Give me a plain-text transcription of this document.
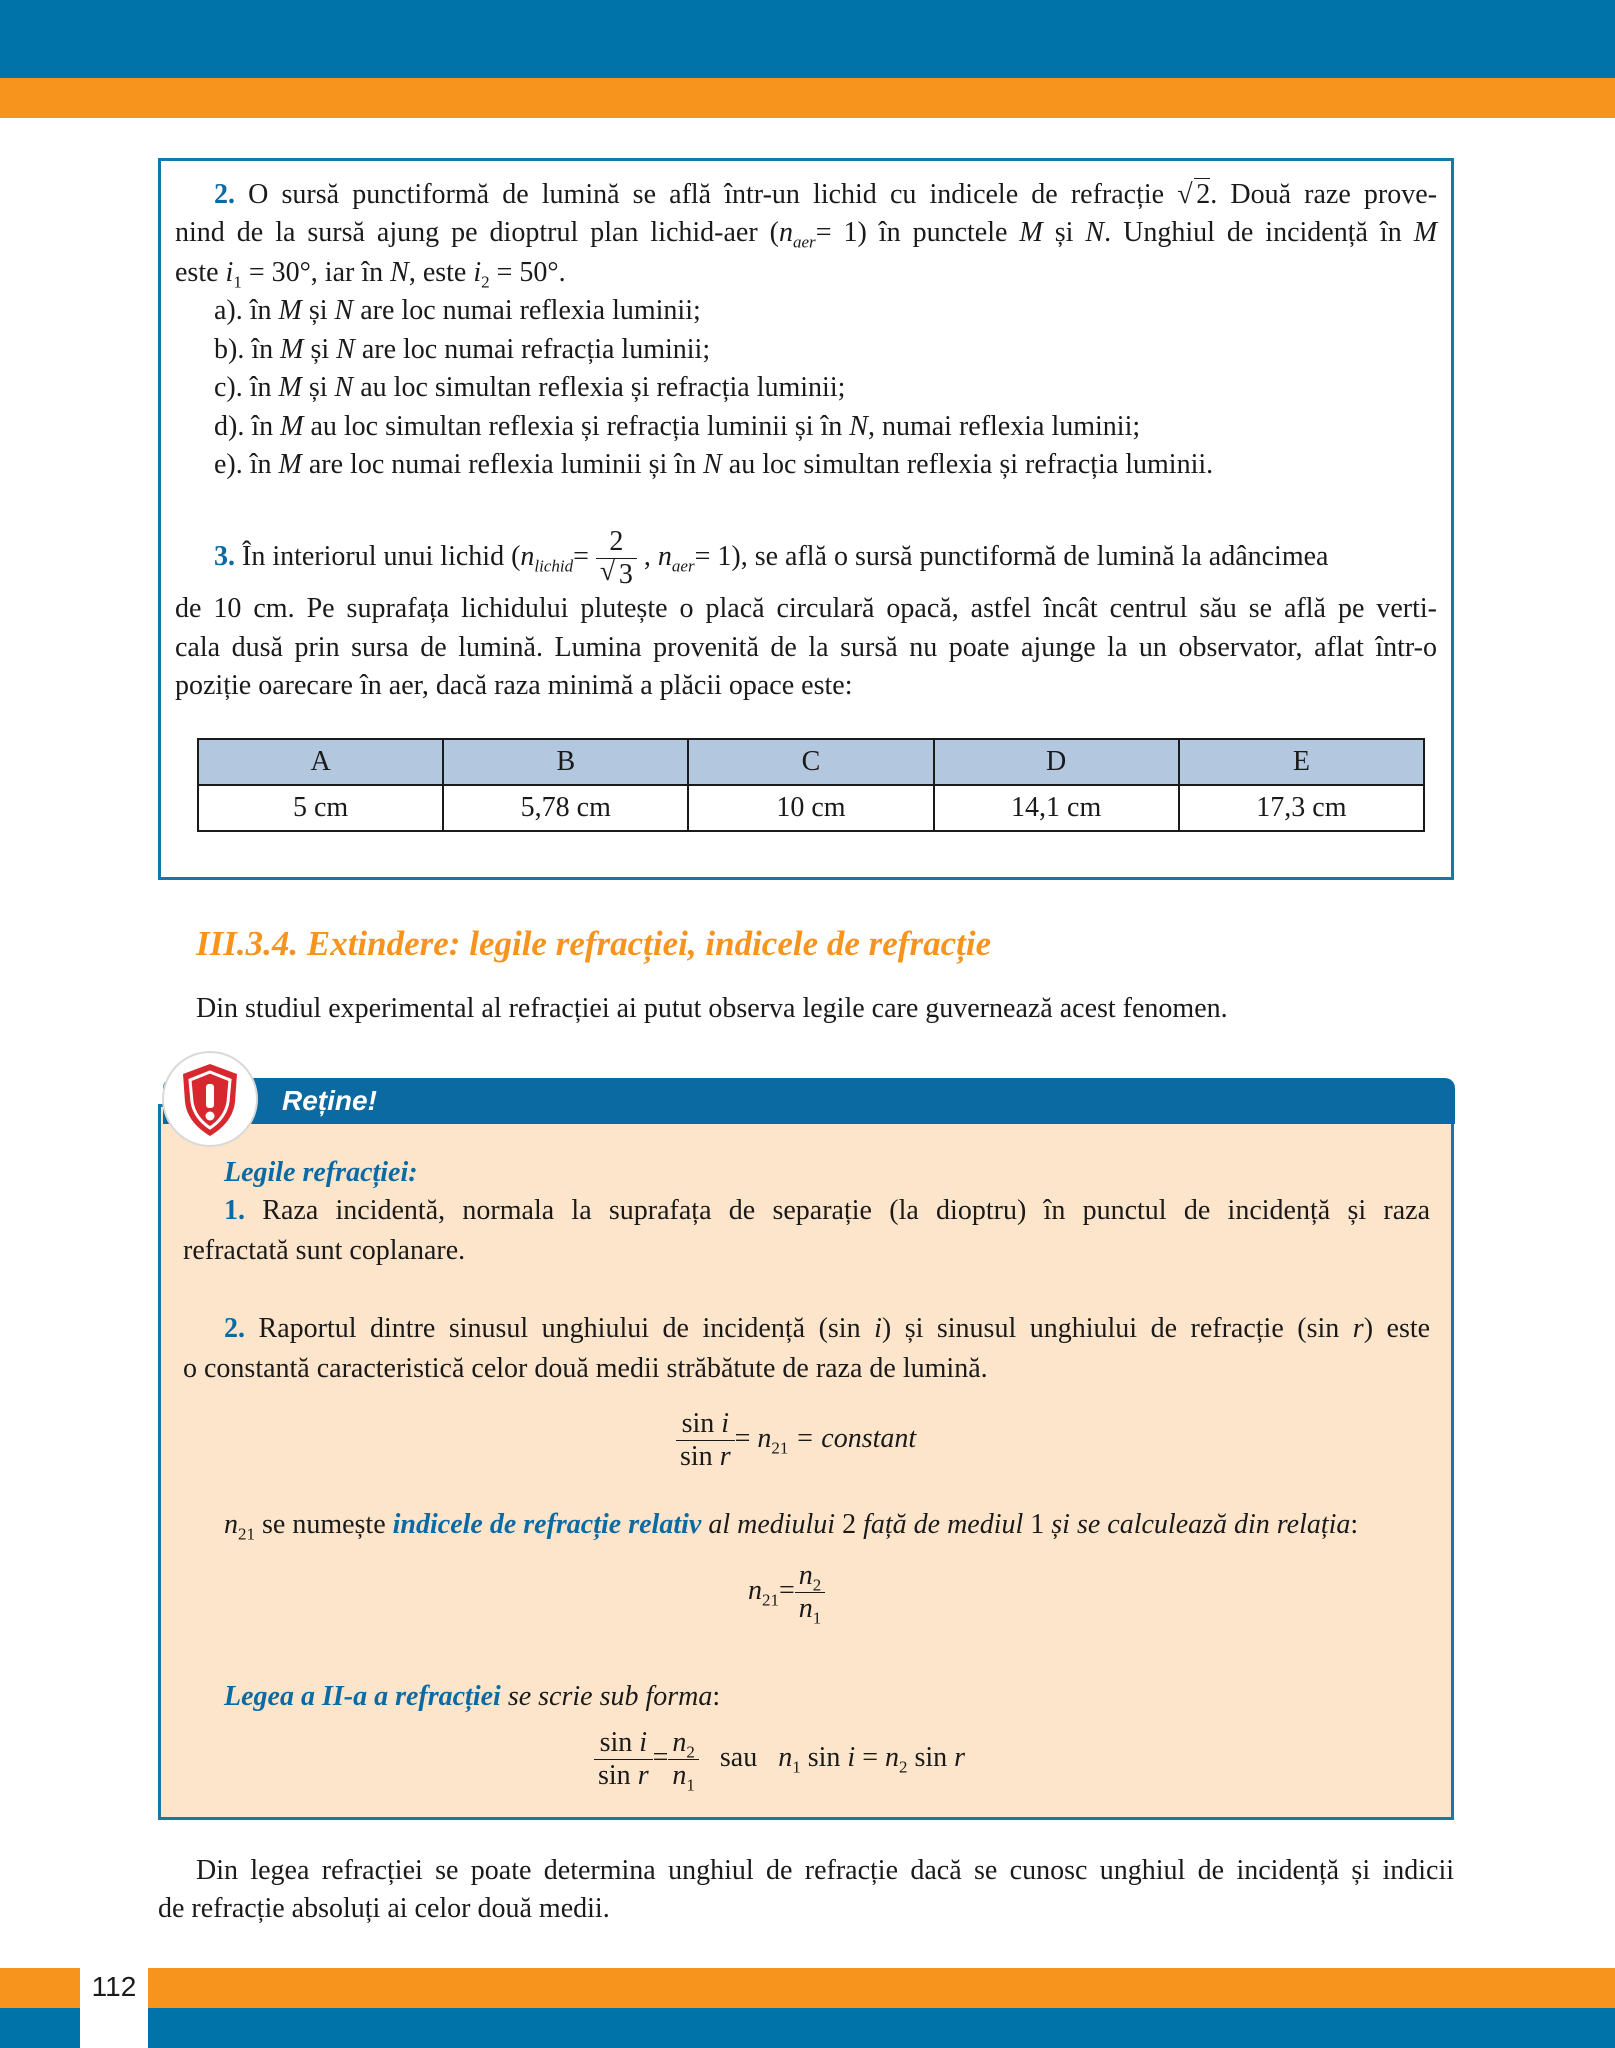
112
2. O sursă punctiformă de lumină se află într-un lichid cu indicele de refracție √ 2. Două raze prove-
nind de la sursă ajung pe dioptrul plan lichid-aer $(n_{aer}= 1)$ în punctele M și N. Unghiul de incidență în M
este $i_1 = 30^\circ$, iar în N, este $i_2 = 50^\circ$.
a). în M și N are loc numai reflexia luminii;
b). în M și N are loc numai refracția luminii;
c). în M și N au loc simultan reflexia și refracția luminii;
d). în M au loc simultan reflexia și refracția luminii și în N, numai reflexia luminii;
e). în M are loc numai reflexia luminii și în N au loc simultan reflexia și refracția luminii.
3. În interiorul unui lichid ($n_{lichid}= \frac{2}{√ 3}$ , $n_{aer}= 1$), se află o sursă punctiformă de lumină la adâncimea
de 10 cm. Pe suprafața lichidului plutește o placă circulară opacă, astfel încât centrul său se află pe verti-
cala dusă prin sursa de lumină. Lumina provenită de la sursă nu poate ajunge la un observator, aflat într-o
poziție oarecare în aer, dacă raza minimă a plăcii opace este:
A	B	C	D	E
5 cm	5,78 cm	10 cm	14,1 cm	17,3 cm
III.3.4. Extindere: legile refracției, indicele de refracție
Din studiul experimental al refracției ai putut observa legile care guvernează acest fenomen.
Reține!
Legile refracției:
1. Raza incidentă, normala la suprafața de separație (la dioptru) în punctul de incidență și raza
refractată sunt coplanare.
2. Raportul dintre sinusul unghiului de incidență (sin i) și sinusul unghiului de refracție (sin r) este
o constantă caracteristică celor două medii străbătute de raza de lumină.
$\frac{\text{sin i}}{\text{sin r}} = n_{21}$ = constant
$n_{21}$ se numește indicele de refracție relativ al mediului 2 față de mediul 1 și se calculează din relația:
$n_{21}= \frac{n_2}{n_1}$
Legea a II-a a refracției se scrie sub forma:
$\frac{\text{sin i}}{\text{sin r}} = \frac{n_2}{n_1}$ sau $n_1$ $\sin i = n_2$ sin r
Din legea refracției se poate determina unghiul de refracție dacă se cunosc unghiul de incidență și indicii
de refracție absoluți ai celor două medii.
